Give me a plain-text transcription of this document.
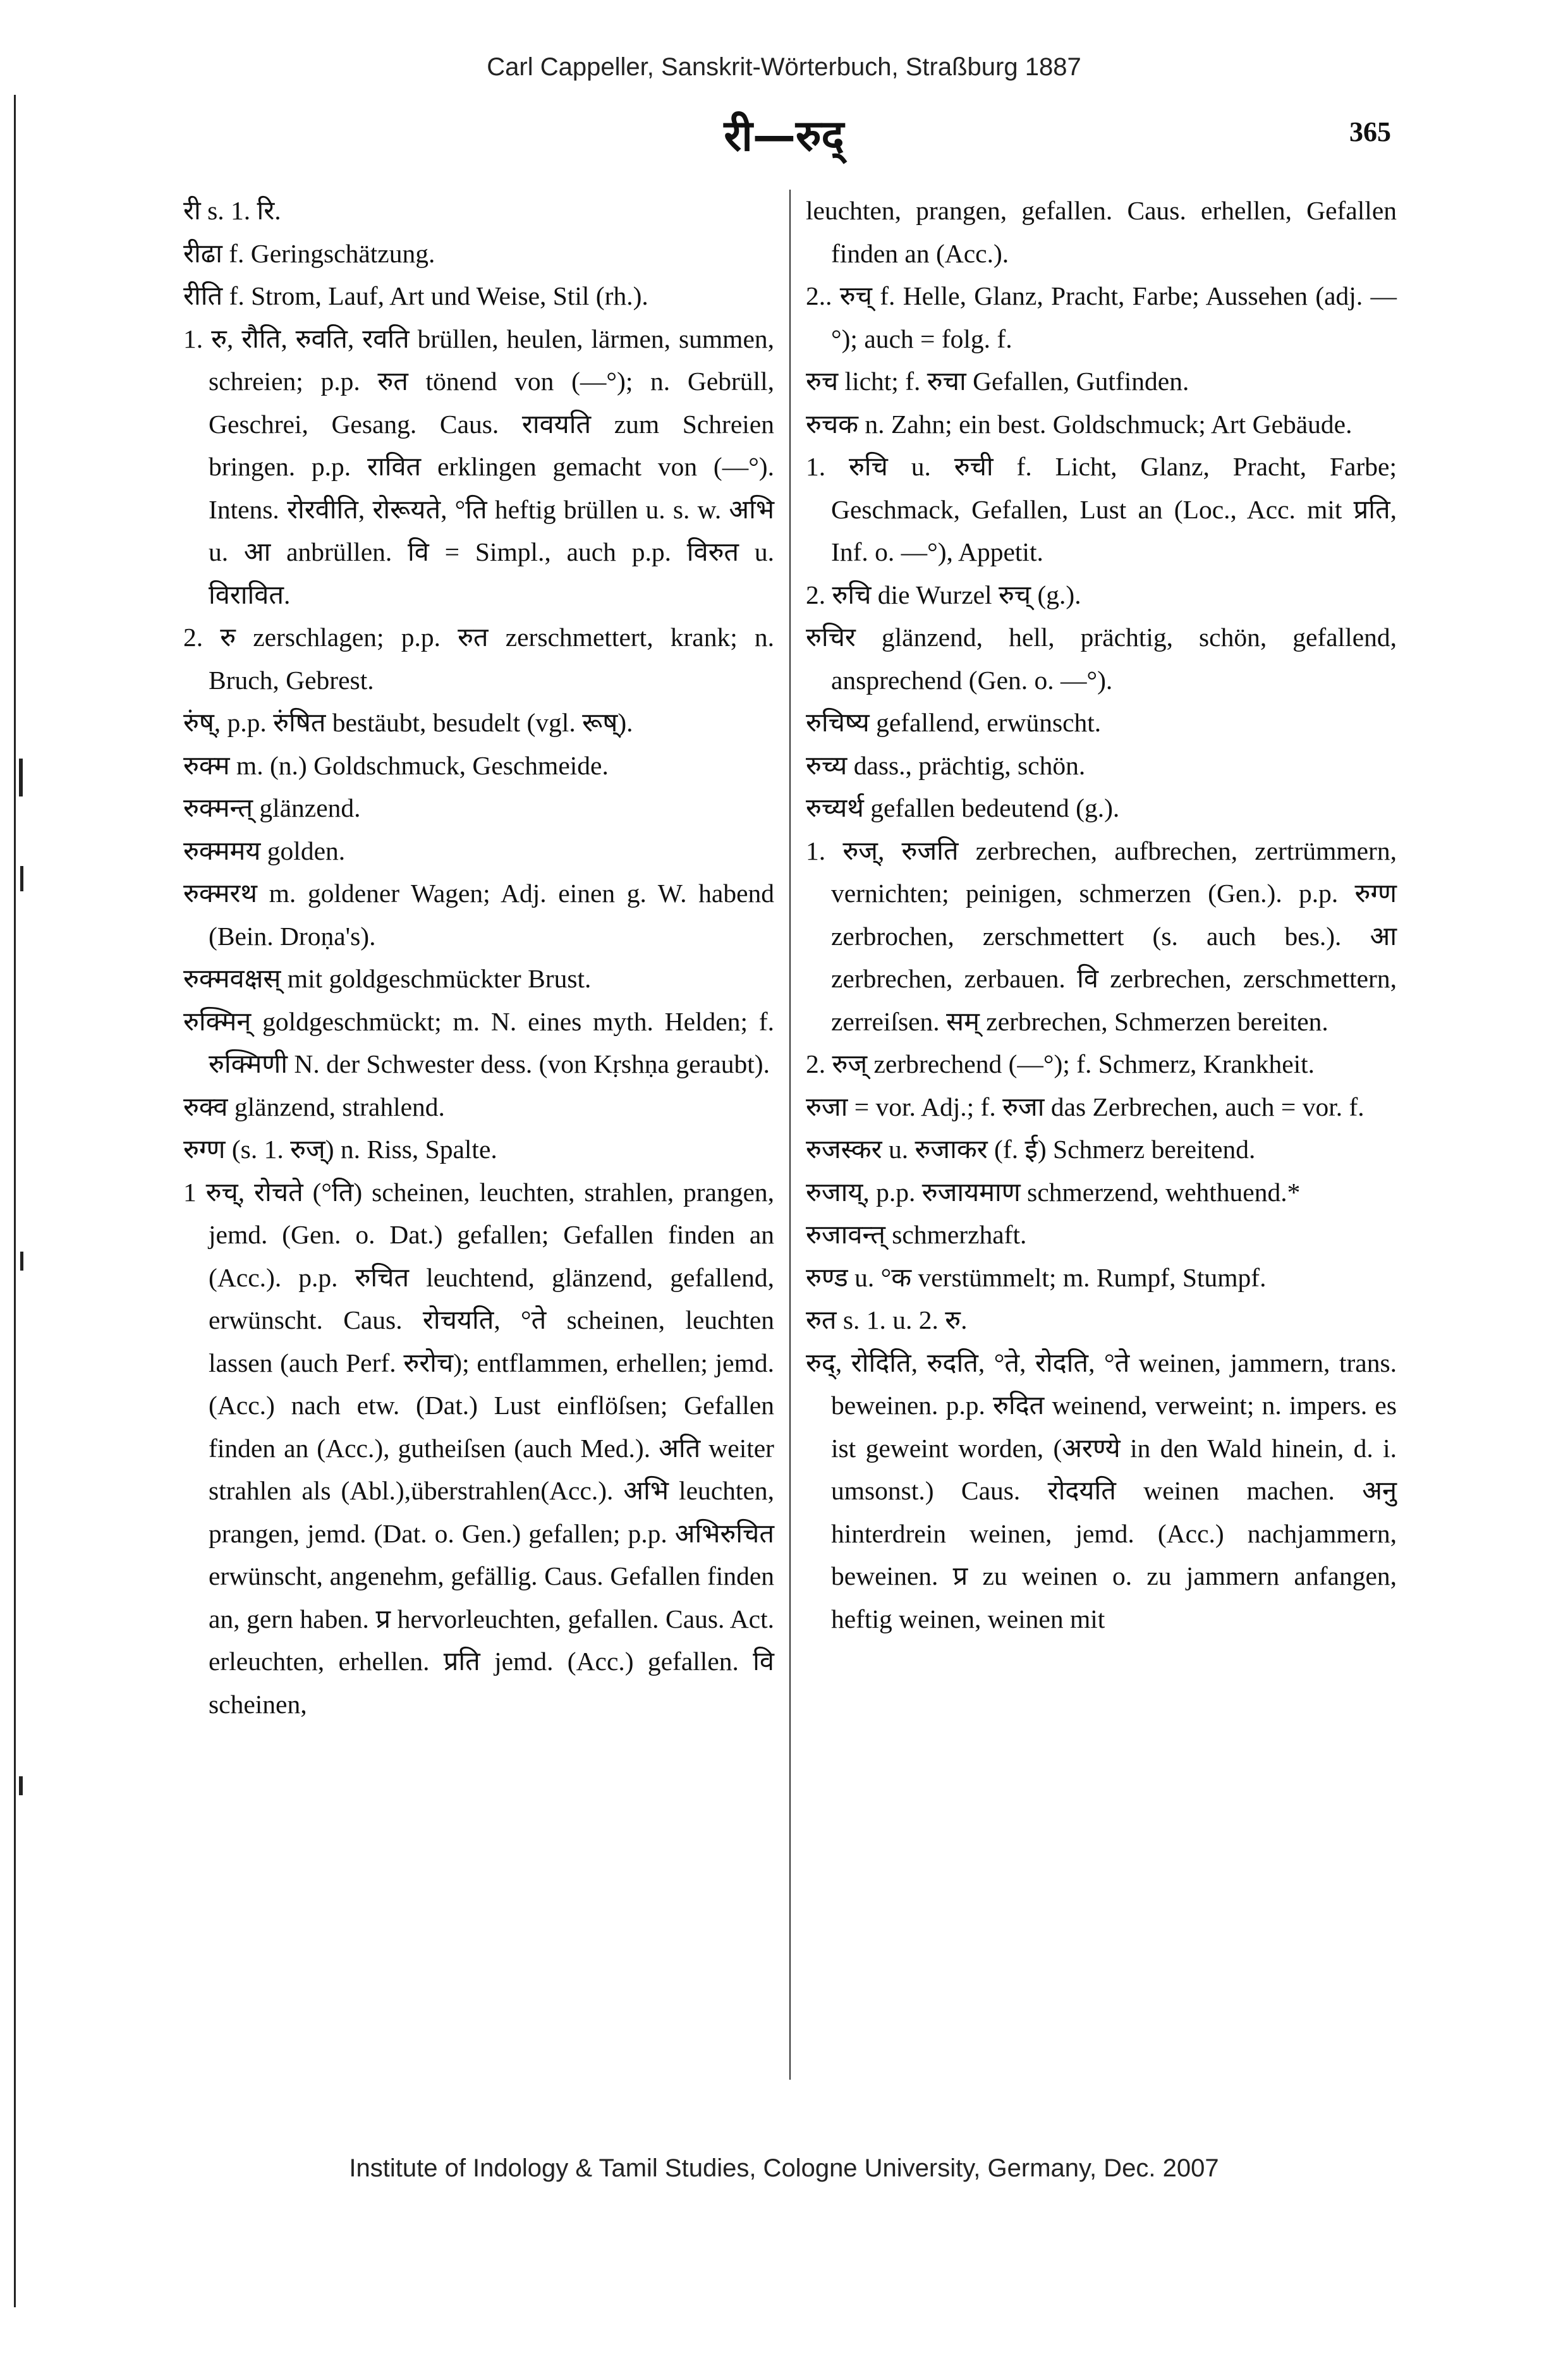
Carl Cappeller, Sanskrit-Wörterbuch, Straßburg 1887
री—रुद्	365

री s. 1. रि.

रीढा f. Geringschätzung.

रीति f. Strom, Lauf, Art und Weise, Stil (rh.).

1. रु, रौति, रुवति, रवति brüllen, heulen, lärmen, summen, schreien; p.p. रुत tönend von (—°); n. Gebrüll, Geschrei, Gesang. Caus. रावयति zum Schreien bringen. p.p. रावित erklingen gemacht von (—°). Intens. रोरवीति, रोरूयते, °ति heftig brüllen u. s. w. अभि u. आ anbrüllen. वि = Simpl., auch p.p. विरुत u. विरावित.

2. रु zerschlagen; p.p. रुत zerschmettert, krank; n. Bruch, Gebrest.

रुंष्, p.p. रुंषित bestäubt, besudelt (vgl. रूष्).

रुक्म m. (n.) Goldschmuck, Geschmeide.

रुक्मन्त् glänzend.

रुक्ममय golden.

रुक्मरथ m. goldener Wagen; Adj. einen g. W. habend (Bein. Droṇa's).

रुक्मवक्षस् mit goldgeschmückter Brust.

रुक्मिन् goldgeschmückt; m. N. eines myth. Helden; f. रुक्मिणी N. der Schwester dess. (von Kṛshṇa geraubt).

रुक्व glänzend, strahlend.

रुग्ण (s. 1. रुज्) n. Riss, Spalte.

1 रुच्, रोचते (°ति) scheinen, leuchten, strahlen, prangen, jemd. (Gen. o. Dat.) gefallen; Gefallen finden an (Acc.). p.p. रुचित leuchtend, glänzend, gefallend, erwünscht. Caus. रोचयति, °ते scheinen, leuchten lassen (auch Perf. रुरोच); entflammen, erhellen; jemd. (Acc.) nach etw. (Dat.) Lust einflöſsen; Gefallen finden an (Acc.), gutheiſsen (auch Med.). अति weiter strahlen als (Abl.),überstrahlen(Acc.). अभि leuchten, prangen, jemd. (Dat. o. Gen.) gefallen; p.p. अभिरुचित erwünscht, angenehm, gefällig. Caus. Gefallen finden an, gern haben. प्र hervorleuchten, gefallen. Caus. Act. erleuchten, erhellen. प्रति jemd. (Acc.) gefallen. वि scheinen,

leuchten, prangen, gefallen. Caus. erhellen, Gefallen finden an (Acc.).

2.. रुच् f. Helle, Glanz, Pracht, Farbe; Aussehen (adj. —°); auch = folg. f.

रुच licht; f. रुचा Gefallen, Gutfinden.

रुचक n. Zahn; ein best. Goldschmuck; Art Gebäude.

1. रुचि u. रुची f. Licht, Glanz, Pracht, Farbe; Geschmack, Gefallen, Lust an (Loc., Acc. mit प्रति, Inf. o. —°), Appetit.

2. रुचि die Wurzel रुच् (g.).

रुचिर glänzend, hell, prächtig, schön, gefallend, ansprechend (Gen. o. —°).

रुचिष्य gefallend, erwünscht.

रुच्य dass., prächtig, schön.

रुच्यर्थ gefallen bedeutend (g.).

1. रुज्, रुजति zerbrechen, aufbrechen, zertrümmern, vernichten; peinigen, schmerzen (Gen.). p.p. रुग्ण zerbrochen, zerschmettert (s. auch bes.). आ zerbrechen, zerbauen. वि zerbrechen, zerschmettern, zerreiſsen. सम् zerbrechen, Schmerzen bereiten.

2. रुज् zerbrechend (—°); f. Schmerz, Krankheit.

रुजा = vor. Adj.; f. रुजा das Zerbrechen, auch = vor. f.

रुजस्कर u. रुजाकर (f. ई) Schmerz bereitend.

रुजाय्, p.p. रुजायमाण schmerzend, wehthuend.*

रुजावन्त् schmerzhaft.

रुण्ड u. °क verstümmelt; m. Rumpf, Stumpf.

रुत s. 1. u. 2. रु.

रुद्, रोदिति, रुदति, °ते, रोदति, °ते weinen, jammern, trans. beweinen. p.p. रुदित weinend, verweint; n. impers. es ist geweint worden, (अरण्ये in den Wald hinein, d. i. umsonst.) Caus. रोदयति weinen machen. अनु hinterdrein weinen, jemd. (Acc.) nachjammern, beweinen. प्र zu weinen o. zu jammern anfangen, heftig weinen, weinen mit

Institute of Indology & Tamil Studies, Cologne University, Germany, Dec. 2007
